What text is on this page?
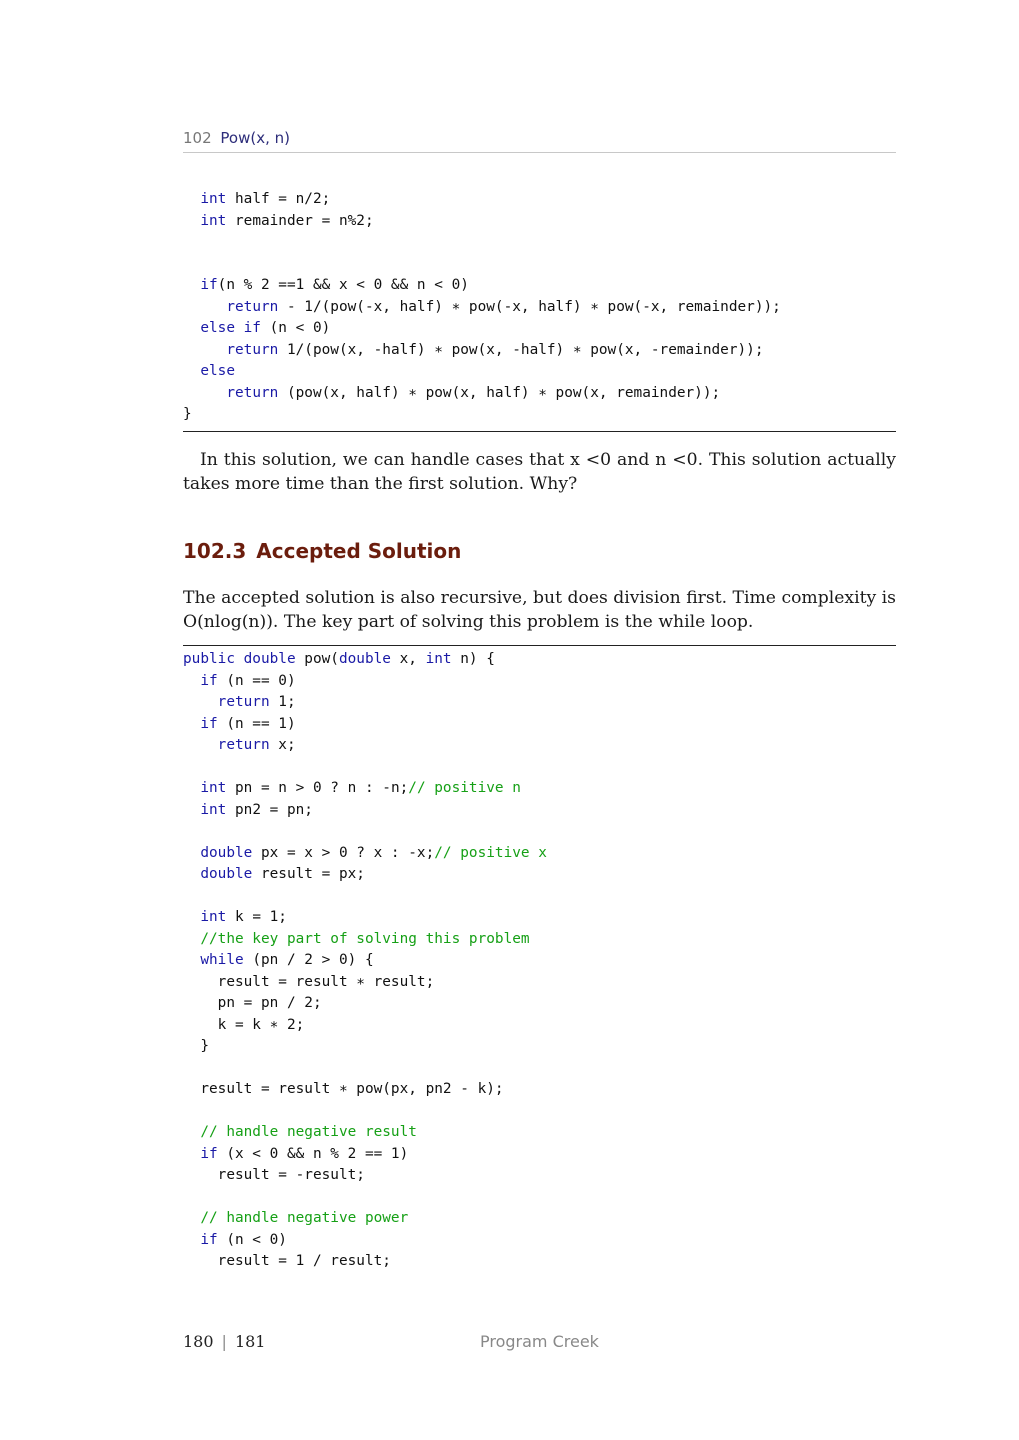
102 Pow(x, n)
int half = n/2;
int remainder = n%2;
if(n % 2 ==1 && x < 0 && n < 0)
return - 1/(pow(-x, half) ∗ pow(-x, half) ∗ pow(-x, remainder));
else if (n < 0)
return 1/(pow(x, -half) ∗ pow(x, -half) ∗ pow(x, -remainder));
else
return (pow(x, half) ∗ pow(x, half) ∗ pow(x, remainder));
}

In this solution, we can handle cases that x <0 and n <0. This solution actually takes more time than the first solution. Why?

102.3 Accepted Solution

The accepted solution is also recursive, but does division first. Time complexity is O(nlog(n)). The key part of solving this problem is the while loop.

public double pow(double x, int n) {
if (n == 0)
return 1;
if (n == 1)
return x;
int pn = n > 0 ? n : -n;// positive n
int pn2 = pn;
double px = x > 0 ? x : -x;// positive x
double result = px;
int k = 1;
//the key part of solving this problem
while (pn / 2 > 0) {
result = result ∗ result;
pn = pn / 2;
k = k ∗ 2;
}
result = result ∗ pow(px, pn2 - k);
// handle negative result
if (x < 0 && n % 2 == 1)
result = -result;
// handle negative power
if (n < 0)
result = 1 / result;
180 | 181	Program Creek
